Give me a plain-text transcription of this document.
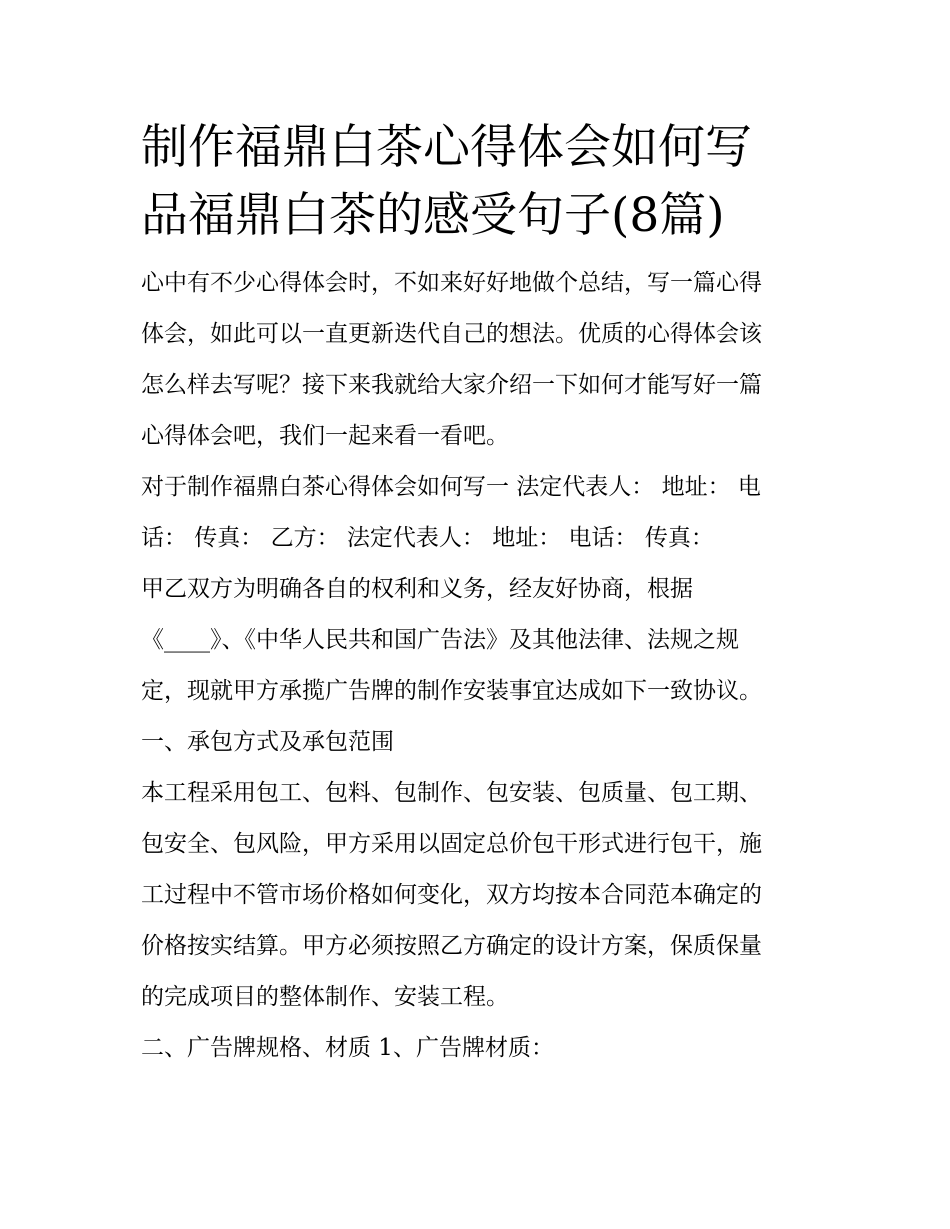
制作福鼎白茶心得体会如何写
品福鼎白茶的感受句子(8篇)
心中有不少心得体会时，不如来好好地做个总结，写一篇心得
体会，如此可以一直更新迭代自己的想法。优质的心得体会该
怎么样去写呢？接下来我就给大家介绍一下如何才能写好一篇
心得体会吧，我们一起来看一看吧。
对于制作福鼎白茶心得体会如何写一 法定代表人： 地址： 电
话： 传真： 乙方： 法定代表人： 地址： 电话： 传真：
甲乙双方为明确各自的权利和义务，经友好协商，根据
《____》、《中华人民共和国广告法》及其他法律、法规之规
定，现就甲方承揽广告牌的制作安装事宜达成如下一致协议。
一、承包方式及承包范围
本工程采用包工、包料、包制作、包安装、包质量、包工期、
包安全、包风险，甲方采用以固定总价包干形式进行包干，施
工过程中不管市场价格如何变化，双方均按本合同范本确定的
价格按实结算。甲方必须按照乙方确定的设计方案，保质保量
的完成项目的整体制作、安装工程。
二、广告牌规格、材质 1、广告牌材质：
